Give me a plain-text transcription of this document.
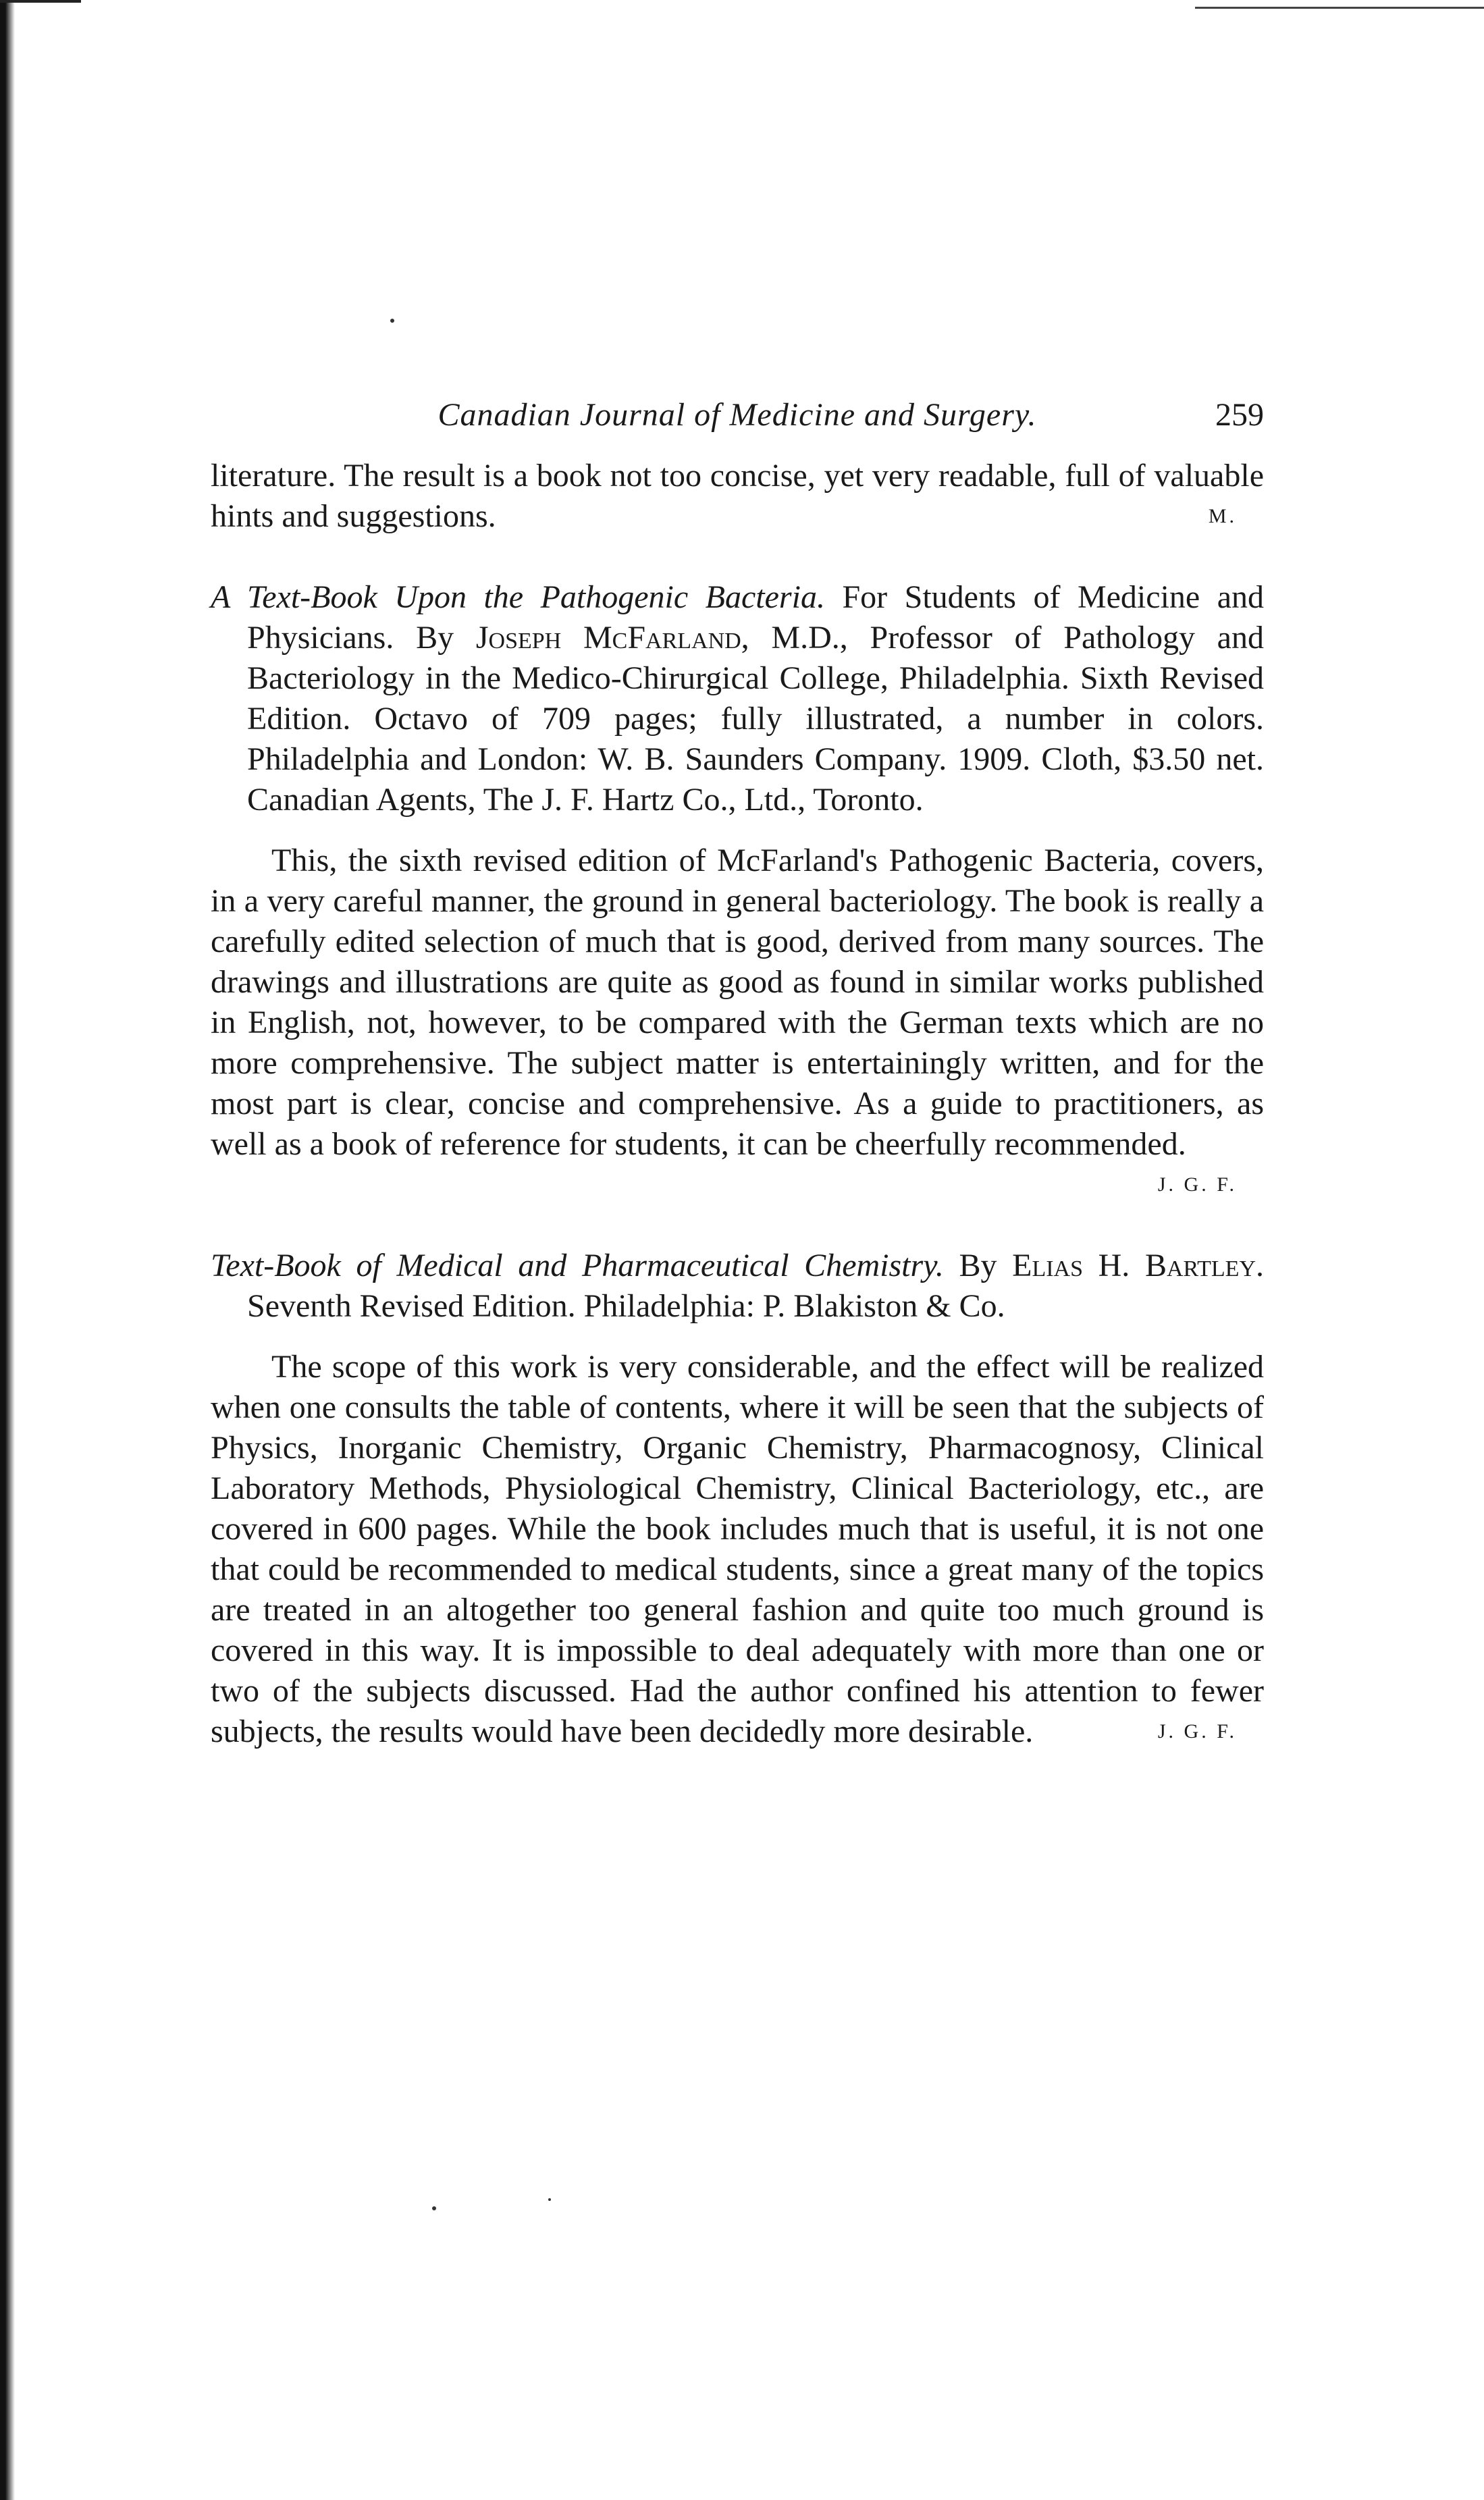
Canadian Journal of Medicine and Surgery.	259

literature. The result is a book not too concise, yet very readable, full of valuable hints and suggestions.	M.

A Text-Book Upon the Pathogenic Bacteria. For Students of Medicine and Physicians. By Joseph McFarland, M.D., Professor of Pathology and Bacteriology in the Medico-Chirurgical College, Philadelphia. Sixth Revised Edition. Octavo of 709 pages; fully illustrated, a number in colors. Philadelphia and London: W. B. Saunders Company. 1909. Cloth, $3.50 net. Canadian Agents, The J. F. Hartz Co., Ltd., Toronto.

This, the sixth revised edition of McFarland's Pathogenic Bacteria, covers, in a very careful manner, the ground in general bacteriology. The book is really a carefully edited selection of much that is good, derived from many sources. The drawings and illustrations are quite as good as found in similar works published in English, not, however, to be compared with the German texts which are no more comprehensive. The subject matter is entertainingly written, and for the most part is clear, concise and comprehensive. As a guide to practitioners, as well as a book of reference for students, it can be cheerfully recommended.
J. G. F.

Text-Book of Medical and Pharmaceutical Chemistry. By Elias H. Bartley. Seventh Revised Edition. Philadelphia: P. Blakiston & Co.

The scope of this work is very considerable, and the effect will be realized when one consults the table of contents, where it will be seen that the subjects of Physics, Inorganic Chemistry, Organic Chemistry, Pharmacognosy, Clinical Laboratory Methods, Physiological Chemistry, Clinical Bacteriology, etc., are covered in 600 pages. While the book includes much that is useful, it is not one that could be recommended to medical students, since a great many of the topics are treated in an altogether too general fashion and quite too much ground is covered in this way. It is impossible to deal adequately with more than one or two of the subjects discussed. Had the author confined his attention to fewer subjects, the results would have been decidedly more desirable.	J. G. F.
